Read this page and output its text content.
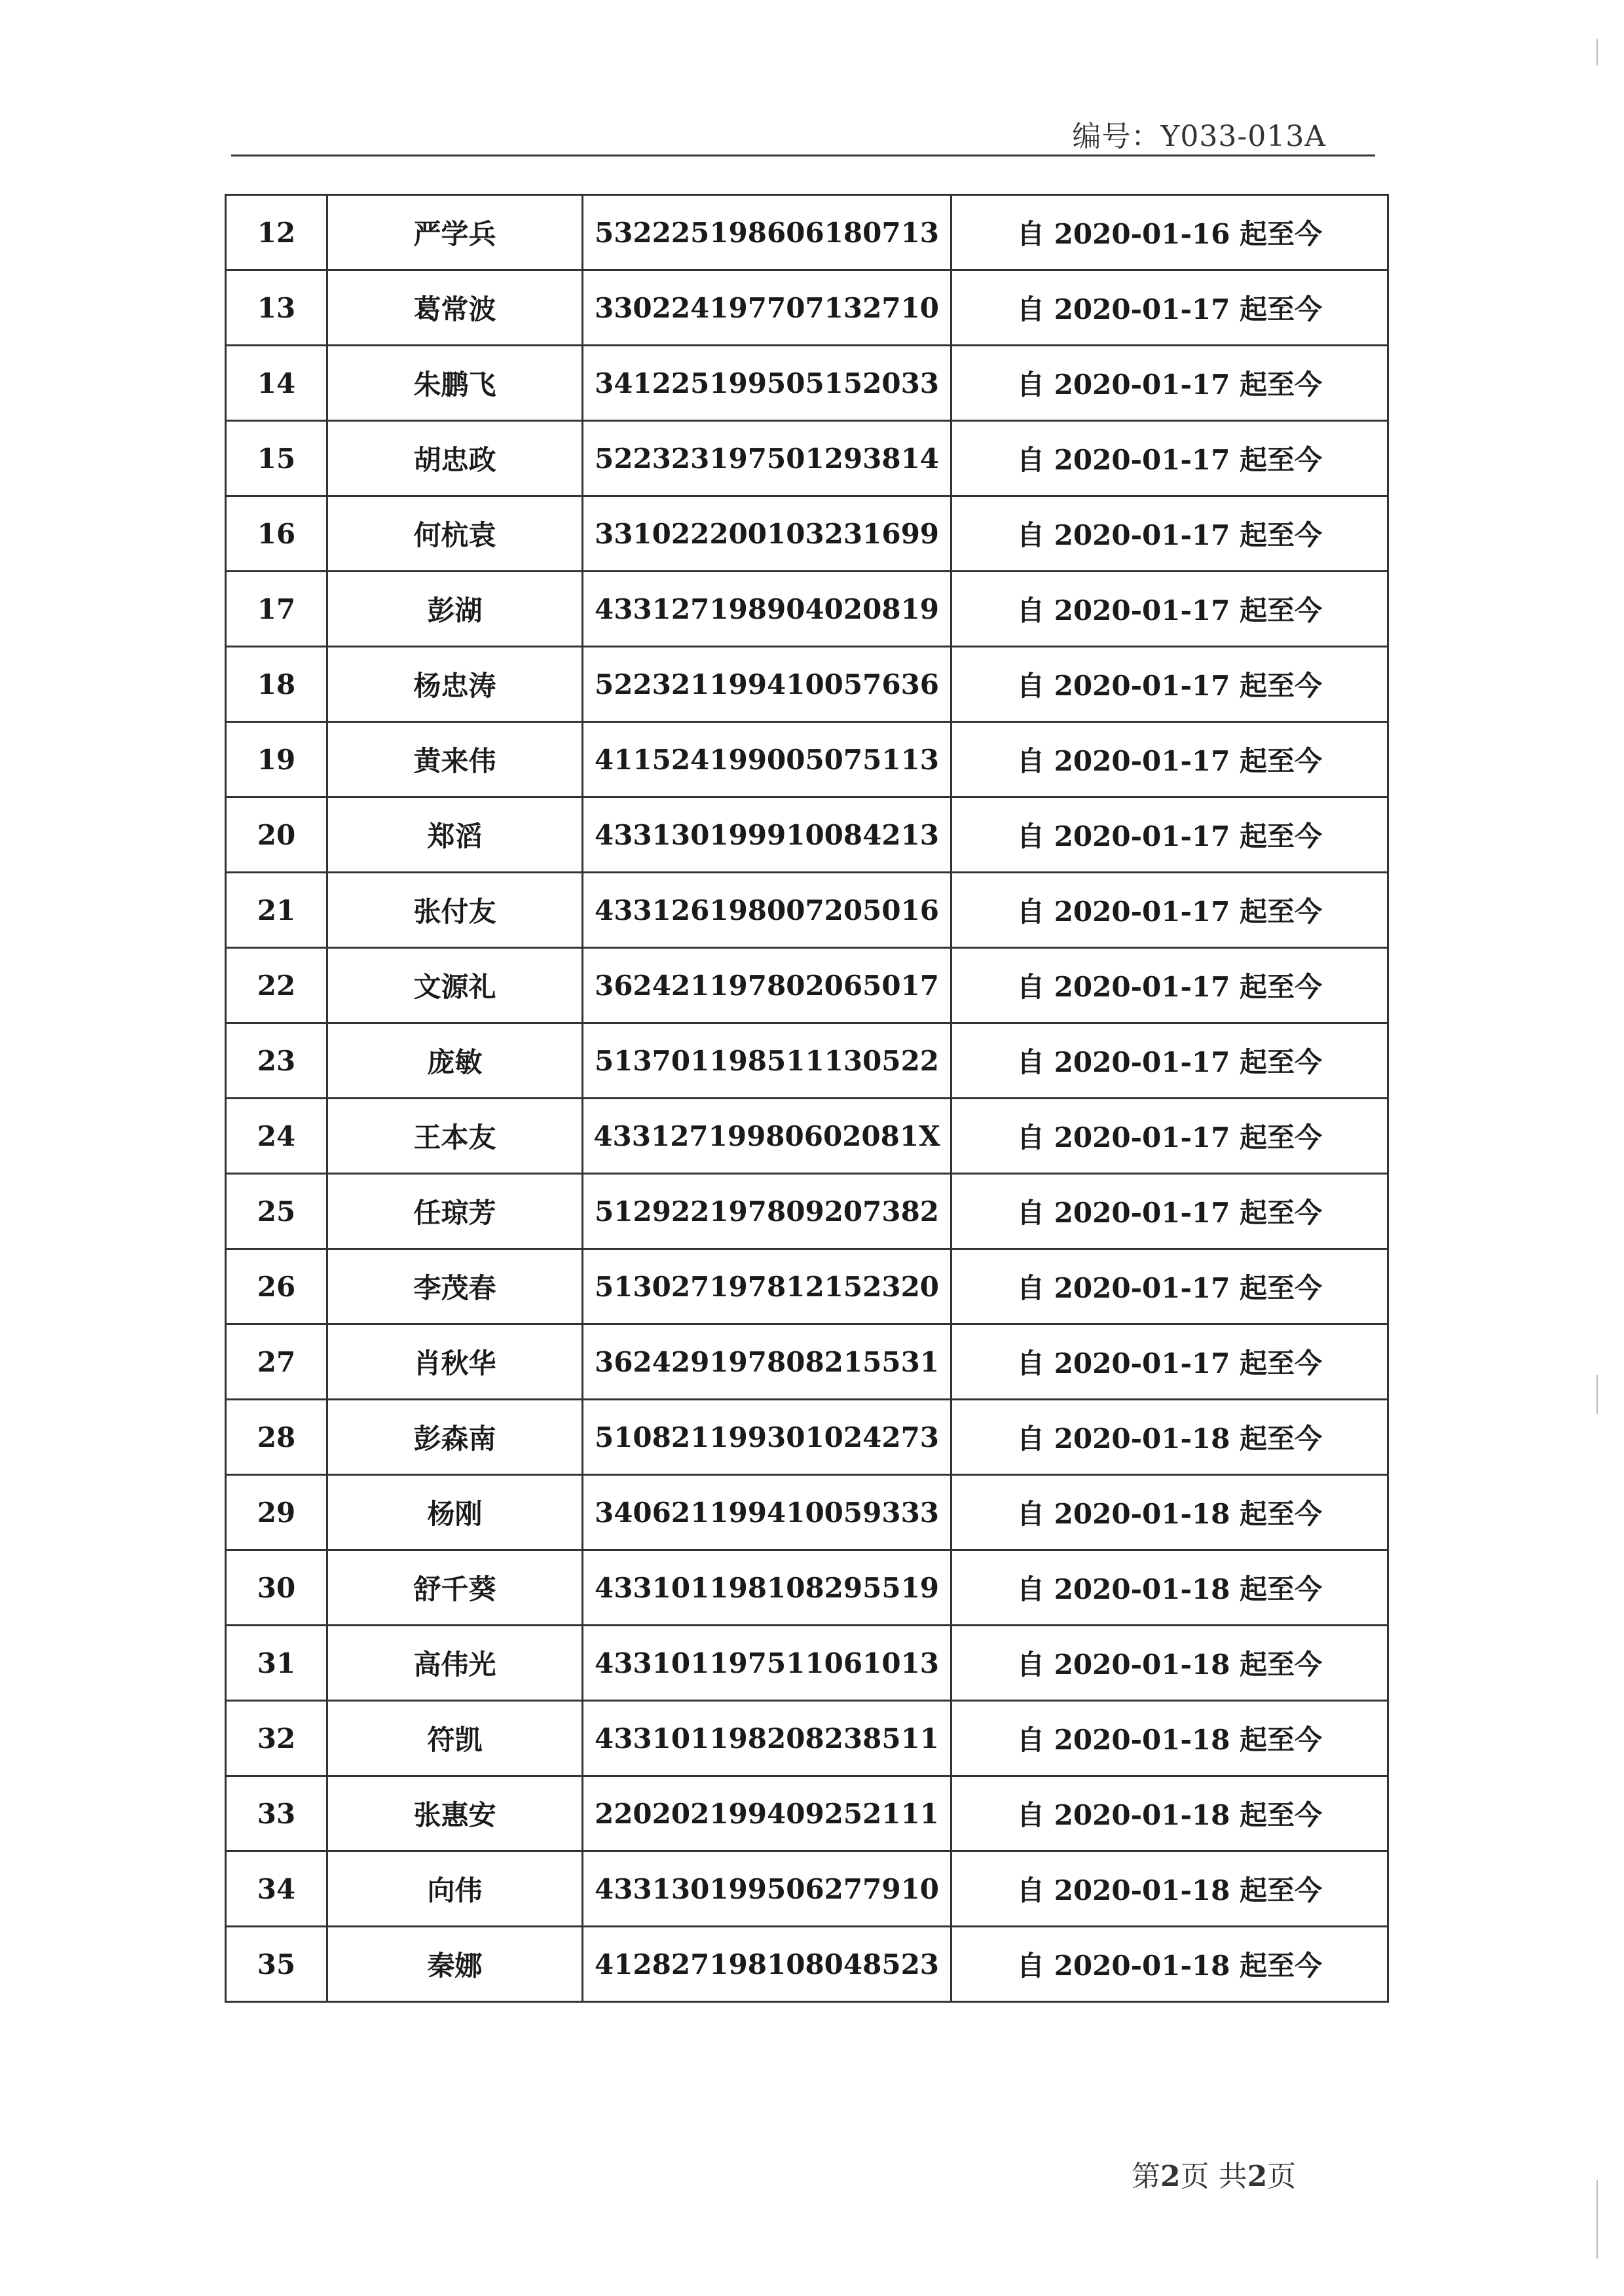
编号：Y033-013A
12	严学兵	532225198606180713	自 2020-01-16 起至今
13	葛常波	330224197707132710	自 2020-01-17 起至今
14	朱鹏飞	341225199505152033	自 2020-01-17 起至今
15	胡忠政	522323197501293814	自 2020-01-17 起至今
16	何杭袁	331022200103231699	自 2020-01-17 起至今
17	彭湖	433127198904020819	自 2020-01-17 起至今
18	杨忠涛	522321199410057636	自 2020-01-17 起至今
19	黄来伟	411524199005075113	自 2020-01-17 起至今
20	郑滔	433130199910084213	自 2020-01-17 起至今
21	张付友	433126198007205016	自 2020-01-17 起至今
22	文源礼	362421197802065017	自 2020-01-17 起至今
23	庞敏	513701198511130522	自 2020-01-17 起至今
24	王本友	43312719980602081X	自 2020-01-17 起至今
25	任琼芳	512922197809207382	自 2020-01-17 起至今
26	李茂春	513027197812152320	自 2020-01-17 起至今
27	肖秋华	362429197808215531	自 2020-01-17 起至今
28	彭森南	510821199301024273	自 2020-01-18 起至今
29	杨刚	340621199410059333	自 2020-01-18 起至今
30	舒千葵	433101198108295519	自 2020-01-18 起至今
31	高伟光	433101197511061013	自 2020-01-18 起至今
32	符凯	433101198208238511	自 2020-01-18 起至今
33	张惠安	220202199409252111	自 2020-01-18 起至今
34	向伟	433130199506277910	自 2020-01-18 起至今
35	秦娜	412827198108048523	自 2020-01-18 起至今
第2页 共2页
